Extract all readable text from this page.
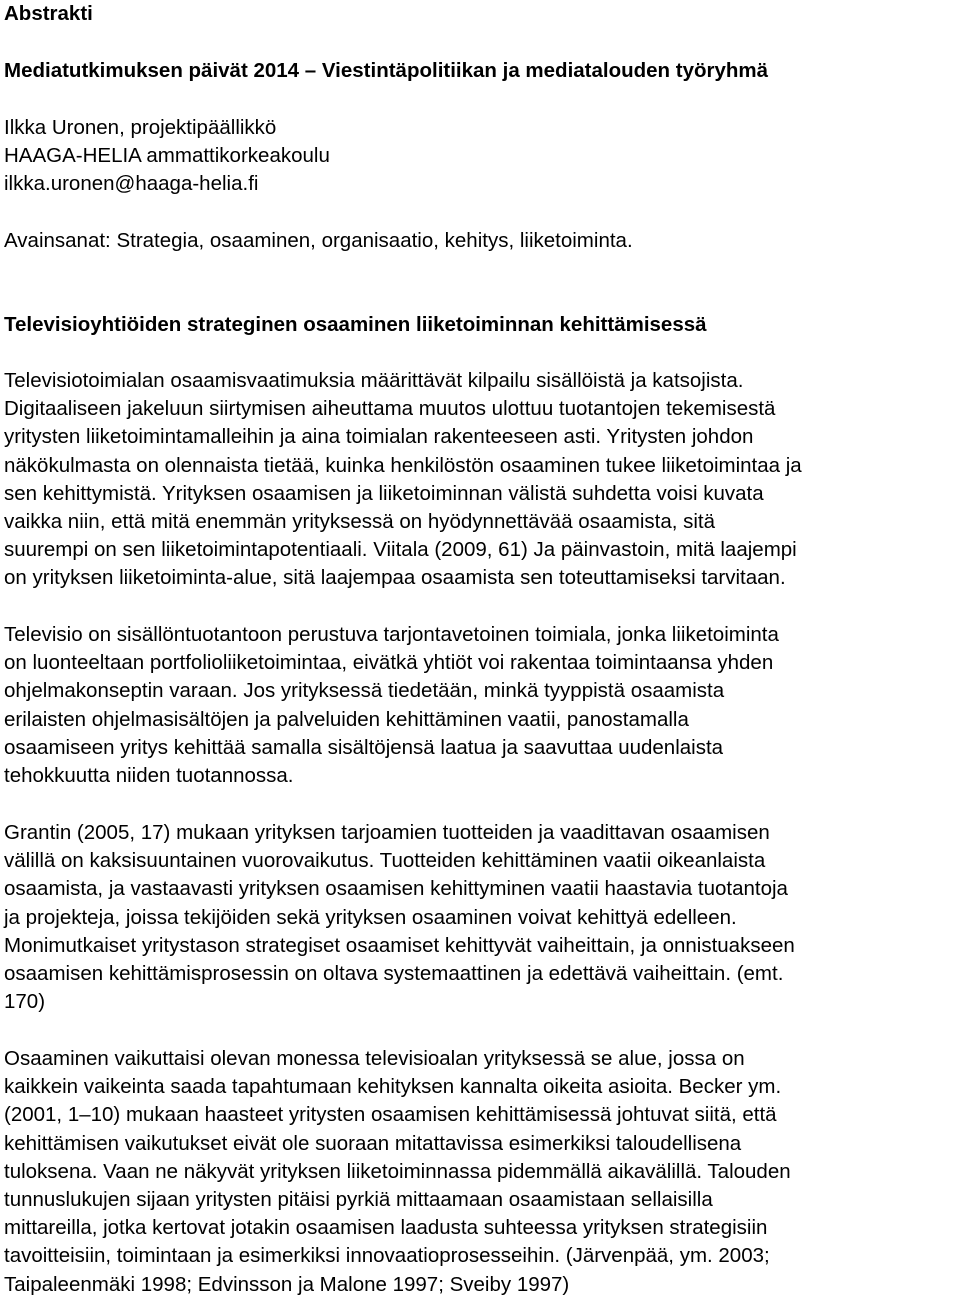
Abstrakti
Mediatutkimuksen päivät 2014 – Viestintäpolitiikan ja mediatalouden työryhmä
Ilkka Uronen, projektipäällikkö
HAAGA-HELIA ammattikorkeakoulu
ilkka.uronen@haaga-helia.fi
Avainsanat: Strategia, osaaminen, organisaatio, kehitys, liiketoiminta.
Televisioyhtiöiden strateginen osaaminen liiketoiminnan kehittämisessä
Televisiotoimialan osaamisvaatimuksia määrittävät kilpailu sisällöistä ja katsojista.
Digitaaliseen jakeluun siirtymisen aiheuttama muutos ulottuu tuotantojen tekemisestä
yritysten liiketoimintamalleihin ja aina toimialan rakenteeseen asti. Yritysten johdon
näkökulmasta on olennaista tietää, kuinka henkilöstön osaaminen tukee liiketoimintaa ja
sen kehittymistä. Yrityksen osaamisen ja liiketoiminnan välistä suhdetta voisi kuvata
vaikka niin, että mitä enemmän yrityksessä on hyödynnettävää osaamista, sitä
suurempi on sen liiketoimintapotentiaali. Viitala (2009, 61) Ja päinvastoin, mitä laajempi
on yrityksen liiketoiminta-alue, sitä laajempaa osaamista sen toteuttamiseksi tarvitaan.
Televisio on sisällöntuotantoon perustuva tarjontavetoinen toimiala, jonka liiketoiminta
on luonteeltaan portfolioliiketoimintaa, eivätkä yhtiöt voi rakentaa toimintaansa yhden
ohjelmakonseptin varaan. Jos yrityksessä tiedetään, minkä tyyppistä osaamista
erilaisten ohjelmasisältöjen ja palveluiden kehittäminen vaatii, panostamalla
osaamiseen yritys kehittää samalla sisältöjensä laatua ja saavuttaa uudenlaista
tehokkuutta niiden tuotannossa.
Grantin (2005, 17) mukaan yrityksen tarjoamien tuotteiden ja vaadittavan osaamisen
välillä on kaksisuuntainen vuorovaikutus. Tuotteiden kehittäminen vaatii oikeanlaista
osaamista, ja vastaavasti yrityksen osaamisen kehittyminen vaatii haastavia tuotantoja
ja projekteja, joissa tekijöiden sekä yrityksen osaaminen voivat kehittyä edelleen.
Monimutkaiset yritystason strategiset osaamiset kehittyvät vaiheittain, ja onnistuakseen
osaamisen kehittämisprosessin on oltava systemaattinen ja edettävä vaiheittain. (emt.
170)
Osaaminen vaikuttaisi olevan monessa televisioalan yrityksessä se alue, jossa on
kaikkein vaikeinta saada tapahtumaan kehityksen kannalta oikeita asioita. Becker ym.
(2001, 1–10) mukaan haasteet yritysten osaamisen kehittämisessä johtuvat siitä, että
kehittämisen vaikutukset eivät ole suoraan mitattavissa esimerkiksi taloudellisena
tuloksena. Vaan ne näkyvät yrityksen liiketoiminnassa pidemmällä aikavälillä. Talouden
tunnuslukujen sijaan yritysten pitäisi pyrkiä mittaamaan osaamistaan sellaisilla
mittareilla, jotka kertovat jotakin osaamisen laadusta suhteessa yrityksen strategisiin
tavoitteisiin, toimintaan ja esimerkiksi innovaatioprosesseihin. (Järvenpää, ym. 2003;
Taipaleenmäki 1998; Edvinsson ja Malone 1997; Sveiby 1997)
